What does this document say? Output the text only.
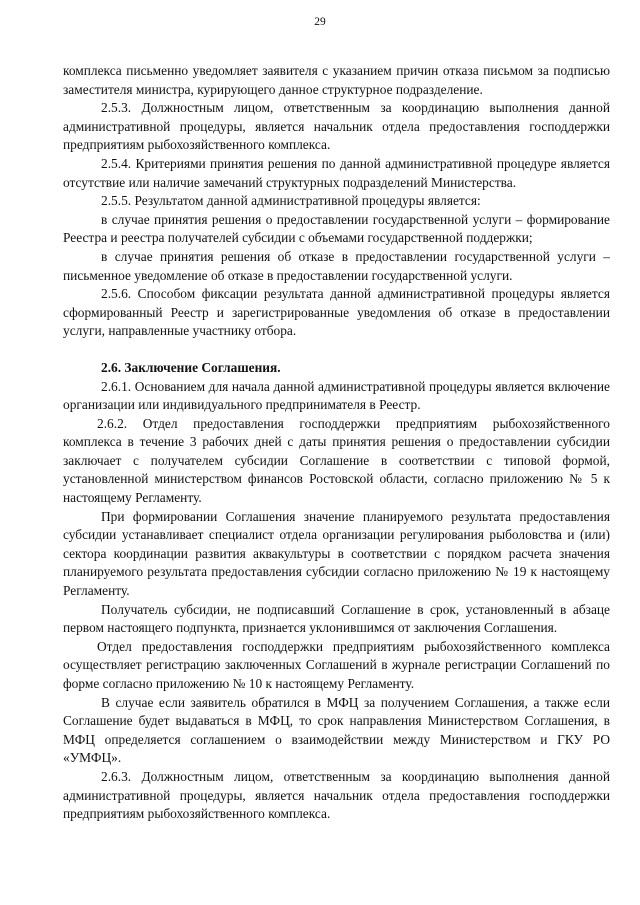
29

комплекса письменно уведомляет заявителя с указанием причин отказа письмом за подписью заместителя министра, курирующего данное структурное подразделение.

2.5.3. Должностным лицом, ответственным за координацию выполнения данной административной процедуры, является начальник отдела предоставления господдержки предприятиям рыбохозяйственного комплекса.

2.5.4. Критериями принятия решения по данной административной процедуре является отсутствие или наличие замечаний структурных подразделений Министерства.

2.5.5. Результатом данной административной процедуры является:

в случае принятия решения о предоставлении государственной услуги – формирование Реестра и реестра получателей субсидии с объемами государственной поддержки;

в случае принятия решения об отказе в предоставлении государственной услуги – письменное уведомление об отказе в предоставлении государственной услуги.

2.5.6. Способом фиксации результата данной административной процедуры является сформированный Реестр и зарегистрированные уведомления об отказе в предоставлении услуги, направленные участнику отбора.

2.6. Заключение Соглашения.

2.6.1. Основанием для начала данной административной процедуры является включение организации или индивидуального предпринимателя в Реестр.

2.6.2. Отдел предоставления господдержки предприятиям рыбохозяйственного комплекса в течение 3 рабочих дней с даты принятия решения о предоставлении субсидии заключает с получателем субсидии Соглашение в соответствии с типовой формой, установленной министерством финансов Ростовской области, согласно приложению № 5 к настоящему Регламенту.

При формировании Соглашения значение планируемого результата предоставления субсидии устанавливает специалист отдела организации регулирования рыболовства и (или) сектора координации развития аквакультуры в соответствии с порядком расчета значения планируемого результата предоставления субсидии согласно приложению № 19 к настоящему Регламенту.

Получатель субсидии, не подписавший Соглашение в срок, установленный в абзаце первом настоящего подпункта, признается уклонившимся от заключения Соглашения.

Отдел предоставления господдержки предприятиям рыбохозяйственного комплекса осуществляет регистрацию заключенных Соглашений в журнале регистрации Соглашений по форме согласно приложению № 10 к настоящему Регламенту.

В случае если заявитель обратился в МФЦ за получением Соглашения, а также если Соглашение будет выдаваться в МФЦ, то срок направления Министерством Соглашения, в МФЦ определяется соглашением о взаимодействии между Министерством и ГКУ РО «УМФЦ».

2.6.3. Должностным лицом, ответственным за координацию выполнения данной административной процедуры, является начальник отдела предоставления господдержки предприятиям рыбохозяйственного комплекса.
